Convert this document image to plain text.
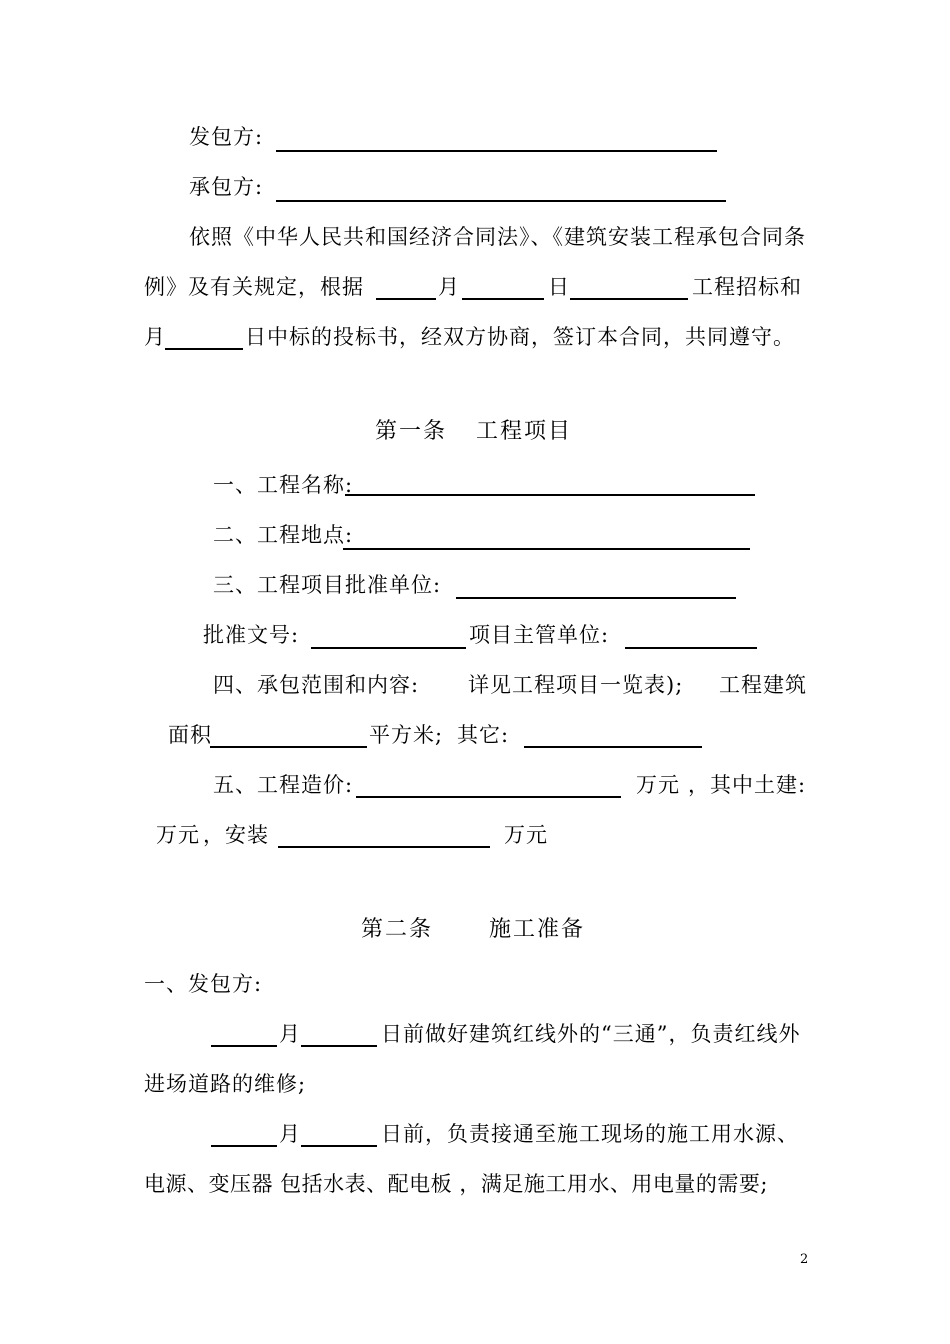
发包方:
承包方:
依照《中华人民共和国经济合同法》、《建筑安装工程承包合同条
例》及有关规定，根据	月	日	工程招标和
月	日中标的投标书，经双方协商，签订本合同，共同遵守。
第一条 工程项目
一、工程名称:
二、工程地点:
三、工程项目批准单位:
批准文号:	项目主管单位:
四、承包范围和内容: 详见工程项目一览表); 工程建筑
面积	平方米; 其它:
五、工程造价:	万元 ，其中土建:
万元 ，安装	万元
第二条	施工准备
一、发包方:
月	日前做好建筑红线外的“三通”，负责红线外
进场道路的维修;
月	日前，负责接通至施工现场的施工用水源、
电源、变压器 包括水表、配电板 ，满足施工用水、用电量的需要;
2
